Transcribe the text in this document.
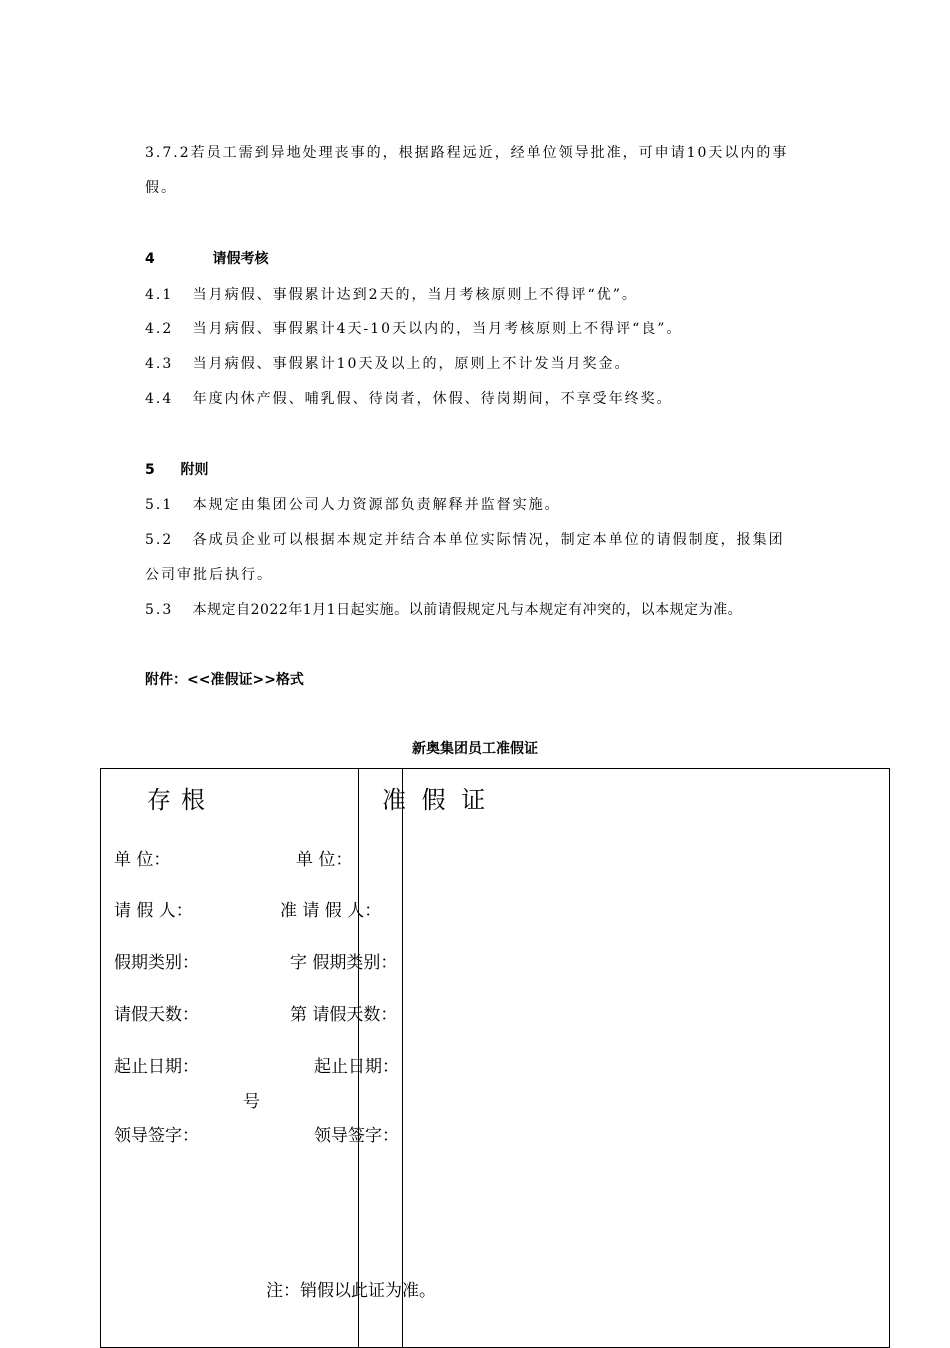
3.7.2若员工需到异地处理丧事的，根据路程远近，经单位领导批准，可申请10天以内的事
假。
4	请假考核
4.1 当月病假、事假累计达到2天的，当月考核原则上不得评“优”。
4.2 当月病假、事假累计4天-10天以内的，当月考核原则上不得评“良”。
4.3 当月病假、事假累计10天及以上的，原则上不计发当月奖金。
4.4 年度内休产假、哺乳假、待岗者，休假、待岗期间，不享受年终奖。
5 附则
5.1 本规定由集团公司人力资源部负责解释并监督实施。
5.2 各成员企业可以根据本规定并结合本单位实际情况，制定本单位的请假制度，报集团
公司审批后执行。
5.3 本规定自2022年1月1日起实施。以前请假规定凡与本规定有冲突的，以本规定为准。
附件：<<准假证>>格式
新奥集团员工准假证
存根	准 假 证
单 位：
请 假 人：
假期类别：
请假天数：
起止日期：
领导签字：
单 位：
准 请 假 人：
字 假期类别：
第 请假天数：
起止日期：
号
领导签字：
注：销假以此证为准。
